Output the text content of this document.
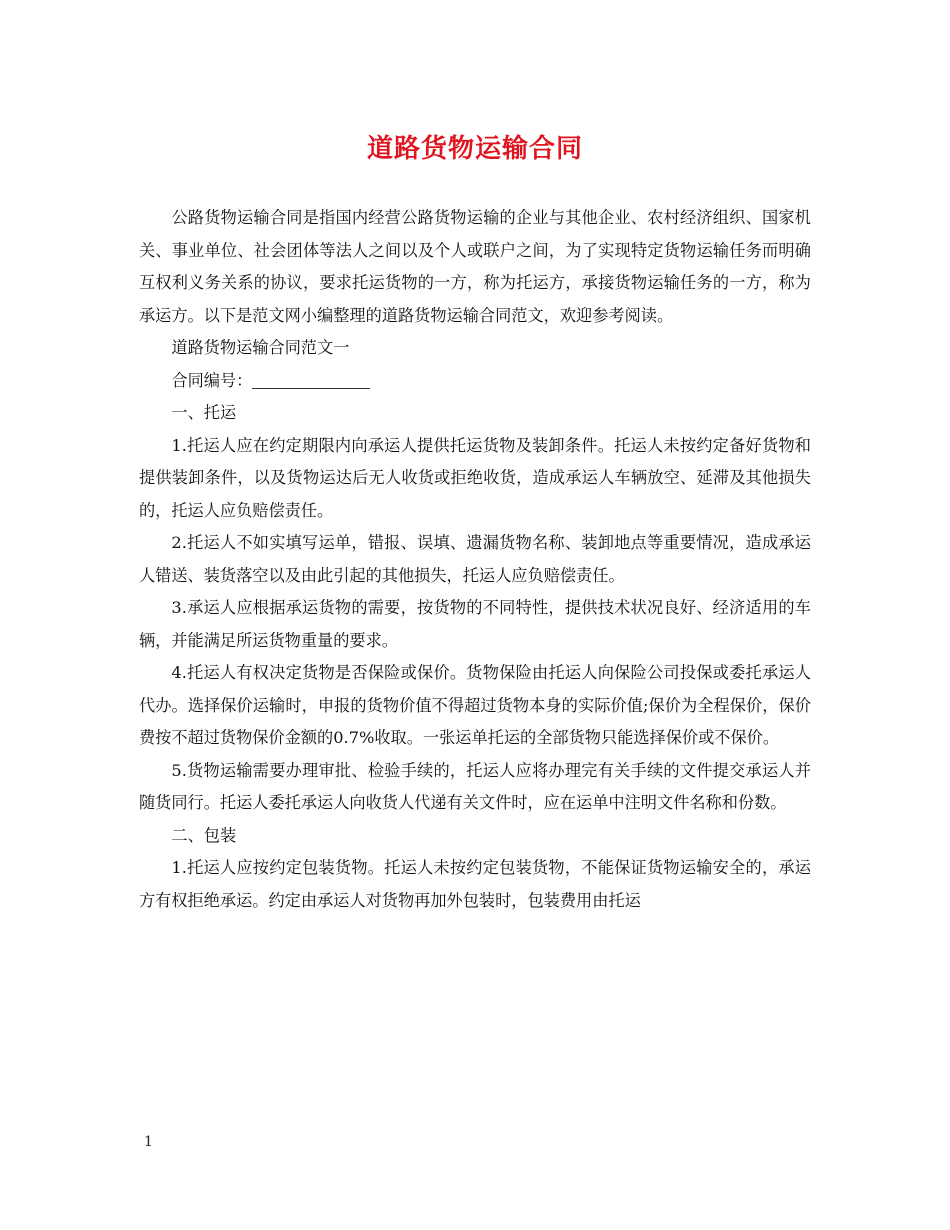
道路货物运输合同

公路货物运输合同是指国内经营公路货物运输的企业与其他企业、农村经济组织、国家机关、事业单位、社会团体等法人之间以及个人或联户之间，为了实现特定货物运输任务而明确互权利义务关系的协议，要求托运货物的一方，称为托运方，承接货物运输任务的一方，称为承运方。以下是范文网小编整理的道路货物运输合同范文，欢迎参考阅读。

道路货物运输合同范文一

合同编号：

一、托运

1.托运人应在约定期限内向承运人提供托运货物及装卸条件。托运人未按约定备好货物和提供装卸条件，以及货物运达后无人收货或拒绝收货，造成承运人车辆放空、延滞及其他损失的，托运人应负赔偿责任。

2.托运人不如实填写运单，错报、误填、遗漏货物名称、装卸地点等重要情况，造成承运人错送、装货落空以及由此引起的其他损失，托运人应负赔偿责任。

3.承运人应根据承运货物的需要，按货物的不同特性，提供技术状况良好、经济适用的车辆，并能满足所运货物重量的要求。

4.托运人有权决定货物是否保险或保价。货物保险由托运人向保险公司投保或委托承运人代办。选择保价运输时，申报的货物价值不得超过货物本身的实际价值;保价为全程保价，保价费按不超过货物保价金额的0.7%收取。一张运单托运的全部货物只能选择保价或不保价。

5.货物运输需要办理审批、检验手续的，托运人应将办理完有关手续的文件提交承运人并随货同行。托运人委托承运人向收货人代递有关文件时，应在运单中注明文件名称和份数。

二、包装

1.托运人应按约定包装货物。托运人未按约定包装货物，不能保证货物运输安全的，承运方有权拒绝承运。约定由承运人对货物再加外包装时，包装费用由托运

1
